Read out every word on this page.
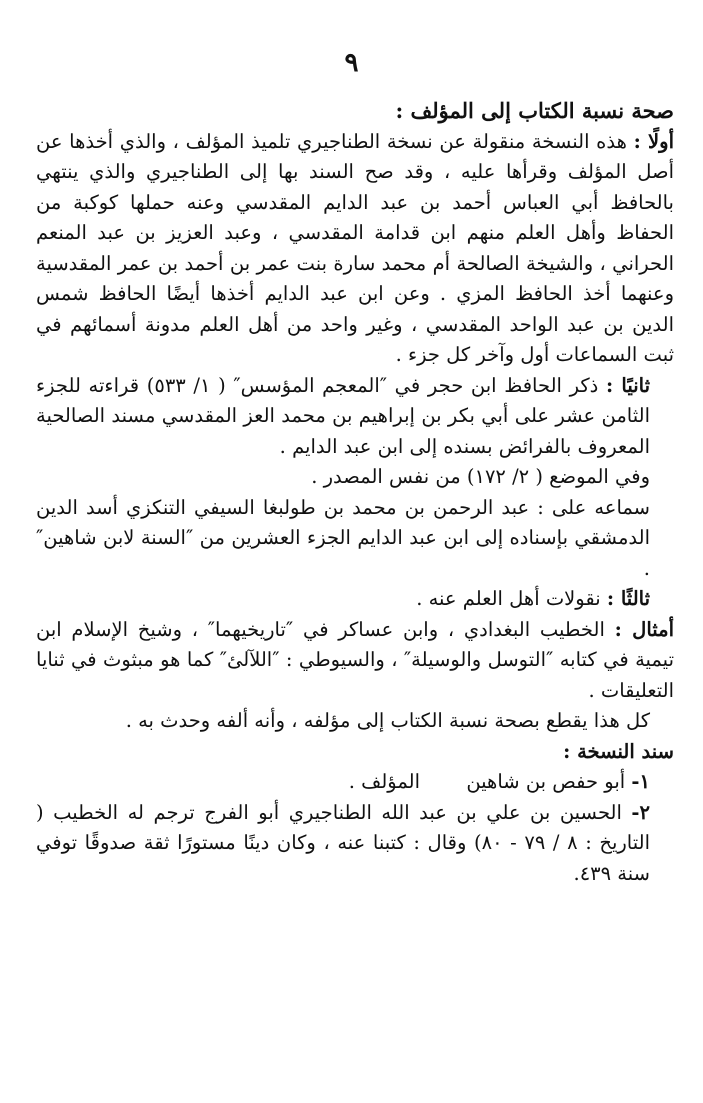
٩

صحة نسبة الكتاب إلى المؤلف :

أولًا : هذه النسخة منقولة عن نسخة الطناجيري تلميذ المؤلف ، والذي أخذها عن أصل المؤلف وقرأها عليه ، وقد صح السند بها إلى الطناجيري والذي ينتهي بالحافظ أبي العباس أحمد بن عبد الدايم المقدسي وعنه حملها كوكبة من الحفاظ وأهل العلم منهم ابن قدامة المقدسي ، وعبد العزيز بن عبد المنعم الحراني ، والشيخة الصالحة أم محمد سارة بنت عمر بن أحمد بن عمر المقدسية وعنهما أخذ الحافظ المزي . وعن ابن عبد الدايم أخذها أيضًا الحافظ شمس الدين بن عبد الواحد المقدسي ، وغير واحد من أهل العلم مدونة أسمائهم في ثبت السماعات أول وآخر كل جزء .

ثانيًا : ذكر الحافظ ابن حجر في ″المعجم المؤسس″ ( ١/ ٥٣٣) قراءته للجزء الثامن عشر على أبي بكر بن إبراهيم بن محمد العز المقدسي مسند الصالحية المعروف بالفرائض بسنده إلى ابن عبد الدايم .

وفي الموضع ( ٢/ ١٧٢) من نفس المصدر .

سماعه على : عبد الرحمن بن محمد بن طولبغا السيفي التنكزي أسد الدين الدمشقي بإسناده إلى ابن عبد الدايم الجزء العشرين من ″السنة لابن شاهين″ .

ثالثًا : نقولات أهل العلم عنه .

أمثال : الخطيب البغدادي ، وابن عساكر في ″تاريخيهما″ ، وشيخ الإسلام ابن تيمية في كتابه ″التوسل والوسيلة″ ، والسيوطي : ″اللآلئ″ كما هو مبثوث في ثنايا التعليقات .

كل هذا يقطع بصحة نسبة الكتاب إلى مؤلفه ، وأنه ألفه وحدث به .

سند النسخة :

١- أبو حفص بن شاهين
المؤلف .

٢- الحسين بن علي بن عبد الله الطناجيري أبو الفرج ترجم له الخطيب ( التاريخ : ٨ / ٧٩ - ٨٠) وقال : كتبنا عنه ، وكان دينًا مستورًا ثقة صدوقًا توفي سنة ٤٣٩.
